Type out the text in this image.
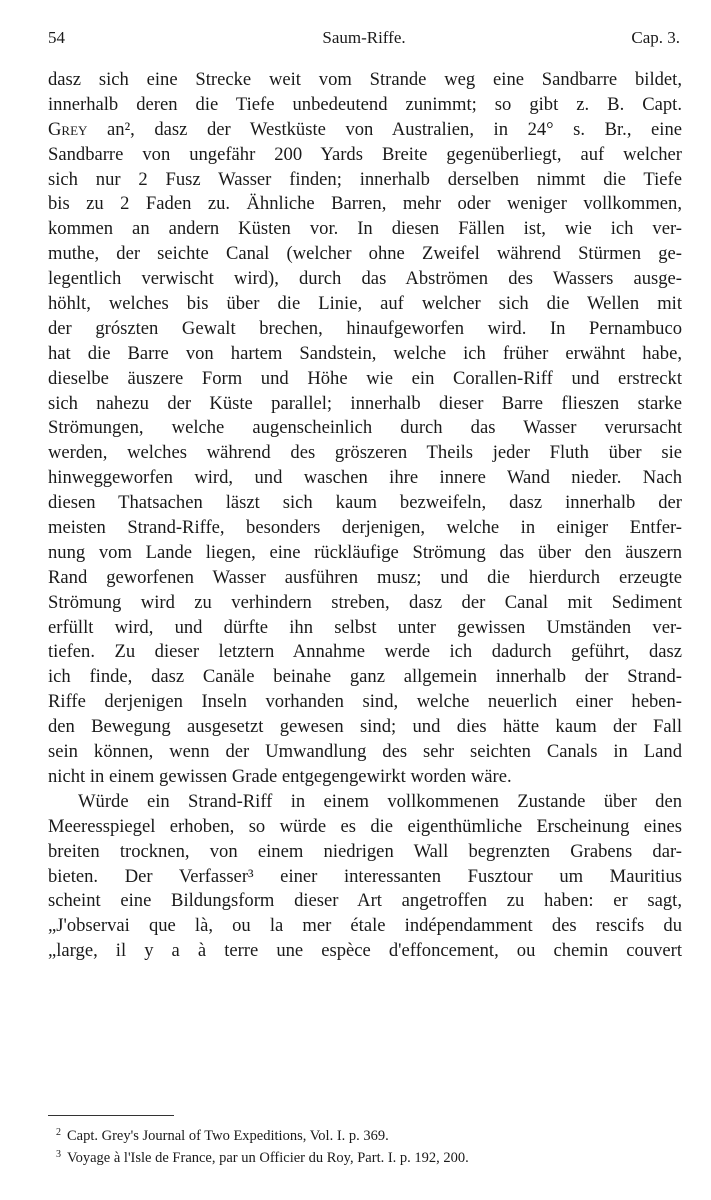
54	Saum-Riffe.	Cap. 3.
dasz sich eine Strecke weit vom Strande weg eine Sandbarre bildet,
innerhalb deren die Tiefe unbedeutend zunimmt; so gibt z. B. Capt.
Grey an², dasz der Westküste von Australien, in 24° s. Br., eine
Sandbarre von ungefähr 200 Yards Breite gegenüberliegt, auf welcher
sich nur 2 Fusz Wasser finden; innerhalb derselben nimmt die Tiefe
bis zu 2 Faden zu. Ähnliche Barren, mehr oder weniger vollkommen,
kommen an andern Küsten vor. In diesen Fällen ist, wie ich ver-
muthe, der seichte Canal (welcher ohne Zweifel während Stürmen ge-
legentlich verwischt wird), durch das Abströmen des Wassers ausge-
höhlt, welches bis über die Linie, auf welcher sich die Wellen mit
der grószten Gewalt brechen, hinaufgeworfen wird. In Pernambuco
hat die Barre von hartem Sandstein, welche ich früher erwähnt habe,
dieselbe äuszere Form und Höhe wie ein Corallen-Riff und erstreckt
sich nahezu der Küste parallel; innerhalb dieser Barre flieszen starke
Strömungen, welche augenscheinlich durch das Wasser verursacht
werden, welches während des gröszeren Theils jeder Fluth über sie
hinweggeworfen wird, und waschen ihre innere Wand nieder. Nach
diesen Thatsachen läszt sich kaum bezweifeln, dasz innerhalb der
meisten Strand-Riffe, besonders derjenigen, welche in einiger Entfer-
nung vom Lande liegen, eine rückläufige Strömung das über den äuszern
Rand geworfenen Wasser ausführen musz; und die hierdurch erzeugte
Strömung wird zu verhindern streben, dasz der Canal mit Sediment
erfüllt wird, und dürfte ihn selbst unter gewissen Umständen ver-
tiefen. Zu dieser letztern Annahme werde ich dadurch geführt, dasz
ich finde, dasz Canäle beinahe ganz allgemein innerhalb der Strand-
Riffe derjenigen Inseln vorhanden sind, welche neuerlich einer heben-
den Bewegung ausgesetzt gewesen sind; und dies hätte kaum der Fall
sein können, wenn der Umwandlung des sehr seichten Canals in Land
nicht in einem gewissen Grade entgegengewirkt worden wäre.
Würde ein Strand-Riff in einem vollkommenen Zustande über den
Meeresspiegel erhoben, so würde es die eigenthümliche Erscheinung eines
breiten trocknen, von einem niedrigen Wall begrenzten Grabens dar-
bieten. Der Verfasser³ einer interessanten Fusztour um Mauritius
scheint eine Bildungsform dieser Art angetroffen zu haben: er sagt,
„J'observai que là, ou la mer étale indépendamment des rescifs du
„large, il y a à terre une espèce d'effoncement, ou chemin couvert
$^2$ Capt. Grey's Journal of Two Expeditions, Vol. I. p. 369.
$^3$ Voyage à l'Isle de France, par un Officier du Roy, Part. I. p. 192, 200.
